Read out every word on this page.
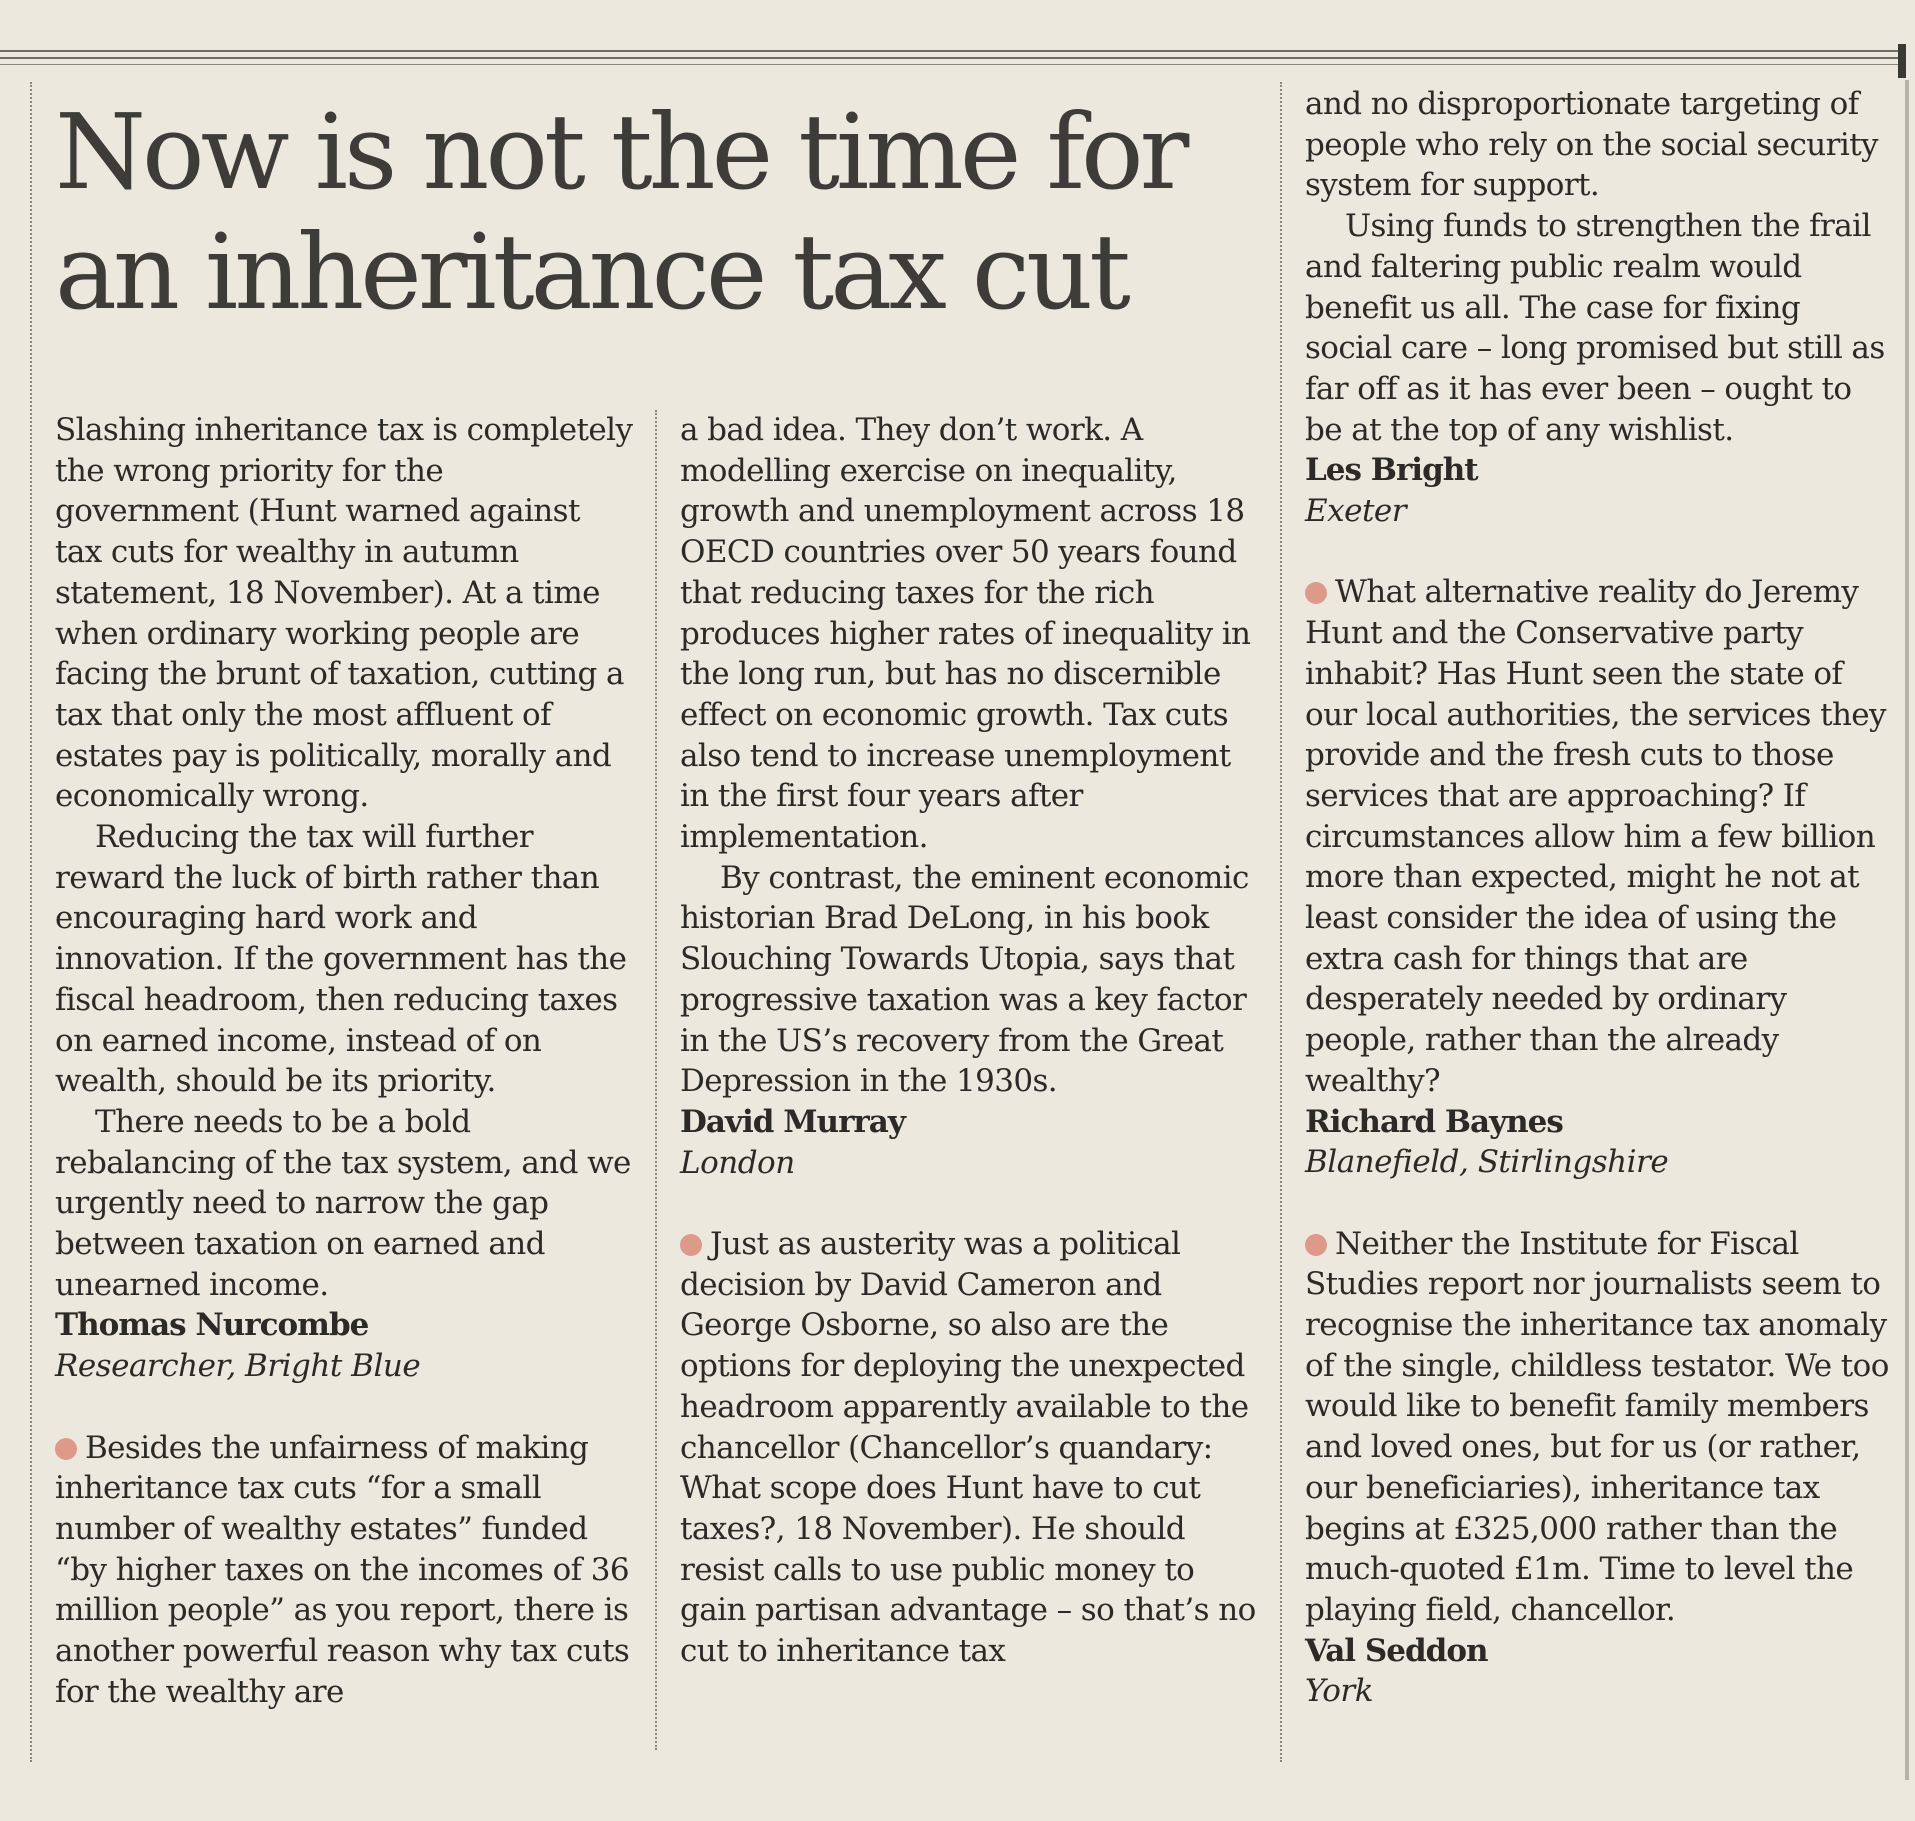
Now is not the time for an inheritance tax cut

Slashing inheritance tax is completely the wrong priority for the government (Hunt warned against tax cuts for wealthy in autumn statement, 18 November). At a time when ordinary working people are facing the brunt of taxation, cutting a tax that only the most affluent of estates pay is politically, morally and economically wrong.

Reducing the tax will further reward the luck of birth rather than encouraging hard work and innovation. If the government has the fiscal headroom, then reducing taxes on earned income, instead of on wealth, should be its priority.

There needs to be a bold rebalancing of the tax system, and we urgently need to narrow the gap between taxation on earned and unearned income.

Thomas Nurcombe
Researcher, Bright Blue

Besides the unfairness of making inheritance tax cuts “for a small number of wealthy estates” funded “by higher taxes on the incomes of 36 million people” as you report, there is another powerful reason why tax cuts for the wealthy are

a bad idea. They don’t work. A modelling exercise on inequality, growth and unemployment across 18 OECD countries over 50 years found that reducing taxes for the rich produces higher rates of inequality in the long run, but has no discernible effect on economic growth. Tax cuts also tend to increase unemployment in the first four years after implementation.

By contrast, the eminent economic historian Brad DeLong, in his book Slouching Towards Utopia, says that progressive taxation was a key factor in the US’s recovery from the Great Depression in the 1930s.

David Murray
London

Just as austerity was a political decision by David Cameron and George Osborne, so also are the options for deploying the unexpected headroom apparently available to the chancellor (Chancellor’s quandary: What scope does Hunt have to cut taxes?, 18 November). He should resist calls to use public money to gain partisan advantage – so that’s no cut to inheritance tax

and no disproportionate targeting of people who rely on the social security system for support.

Using funds to strengthen the frail and faltering public realm would benefit us all. The case for fixing social care – long promised but still as far off as it has ever been – ought to be at the top of any wishlist.

Les Bright
Exeter

What alternative reality do Jeremy Hunt and the Conservative party inhabit? Has Hunt seen the state of our local authorities, the services they provide and the fresh cuts to those services that are approaching? If circumstances allow him a few billion more than expected, might he not at least consider the idea of using the extra cash for things that are desperately needed by ordinary people, rather than the already wealthy?

Richard Baynes
Blanefield, Stirlingshire

Neither the Institute for Fiscal Studies report nor journalists seem to recognise the inheritance tax anomaly of the single, childless testator. We too would like to benefit family members and loved ones, but for us (or rather, our beneficiaries), inheritance tax begins at £325,000 rather than the much-quoted £1m. Time to level the playing field, chancellor.

Val Seddon
York
